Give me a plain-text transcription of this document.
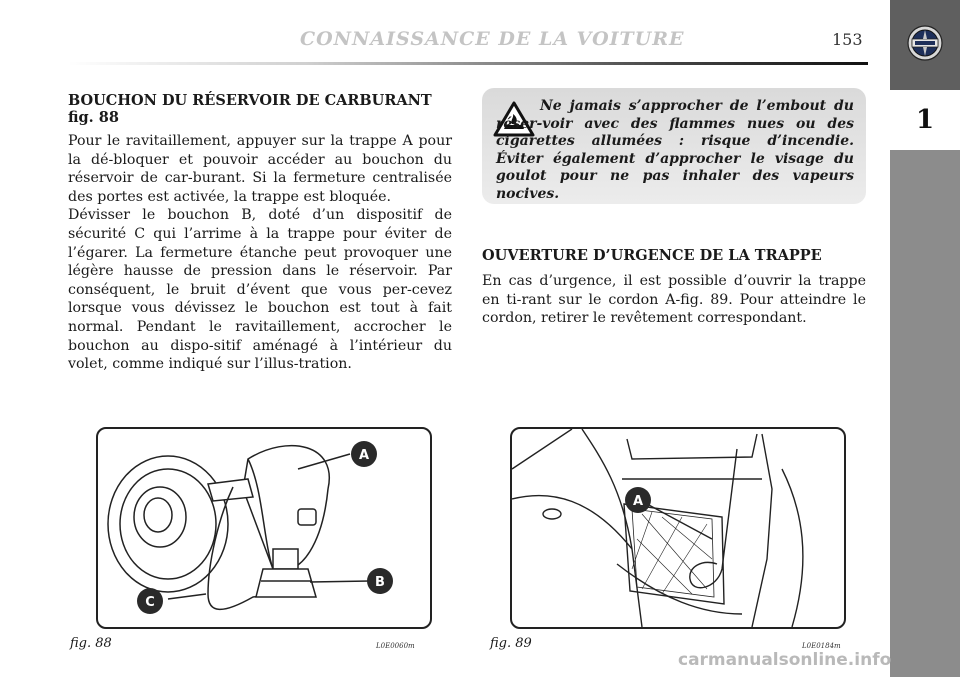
CONNAISSANCE DE LA VOITURE	153
1
BOUCHON DU RÉSERVOIR DE CARBURANT
fig. 88

Pour le ravitaillement, appuyer sur la trappe A pour la dé-bloquer et pouvoir accéder au bouchon du réservoir de car-burant. Si la fermeture centralisée des portes est activée, la trappe est bloquée.

Dévisser le bouchon B, doté d’un dispositif de sécurité C qui l’arrime à la trappe pour éviter de l’égarer. La fermeture étanche peut provoquer une légère hausse de pression dans le réservoir. Par conséquent, le bruit d’évent que vous per-cevez lorsque vous dévissez le bouchon est tout à fait normal. Pendant le ravitaillement, accrocher le bouchon au dispo-sitif aménagé à l’intérieur du volet, comme indiqué sur l’illus-tration.

Ne jamais s’approcher de l’embout du réser-voir avec des flammes nues ou des cigarettes allumées : risque d’incendie. Éviter également d’approcher le visage du goulot pour ne pas inhaler des vapeurs nocives.

OUVERTURE D’URGENCE DE LA TRAPPE

En cas d’urgence, il est possible d’ouvrir la trappe en ti-rant sur le cordon A-fig. 89. Pour atteindre le cordon, retirer le revêtement correspondant.

A
B
C
A
fig. 88	L0E0060m	fig. 89	L0E0184m
carmanualsonline.info
